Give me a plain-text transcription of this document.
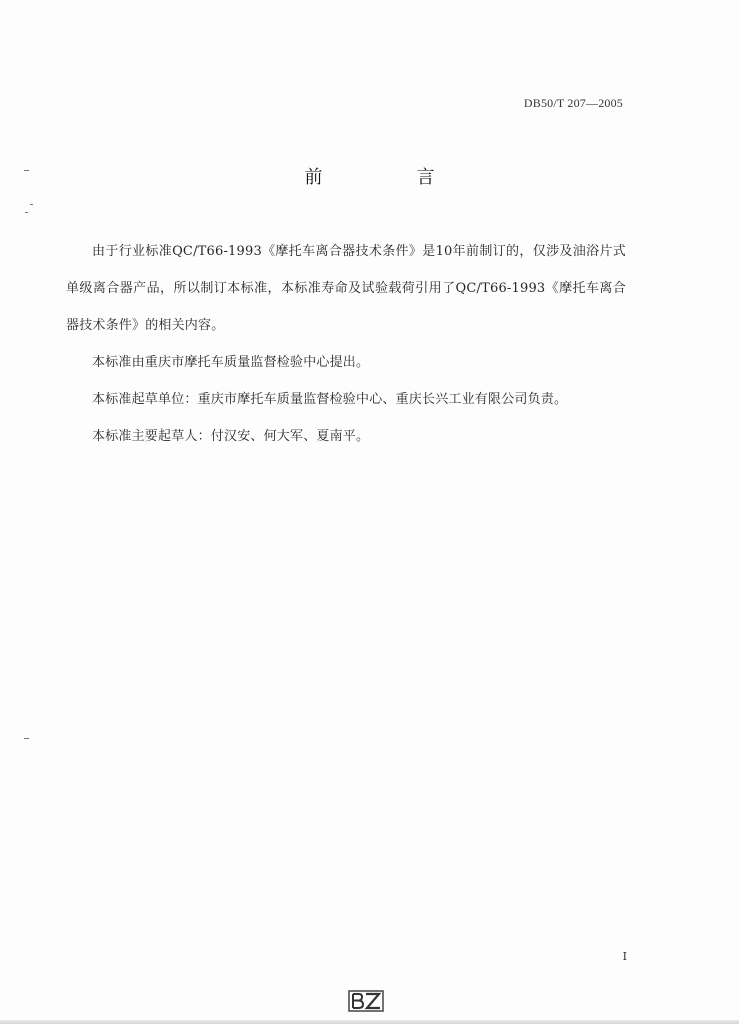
DB50/T 207—2005
前　言

由于行业标准QC/T66-1993《摩托车离合器技术条件》是10年前制订的，仅涉及油浴片式单级离合器产品，所以制订本标准，本标准寿命及试验载荷引用了QC/T66-1993《摩托车离合器技术条件》的相关内容。

本标准由重庆市摩托车质量监督检验中心提出。

本标准起草单位：重庆市摩托车质量监督检验中心、重庆长兴工业有限公司负责。

本标准主要起草人：付汉安、何大军、夏南平。

I
